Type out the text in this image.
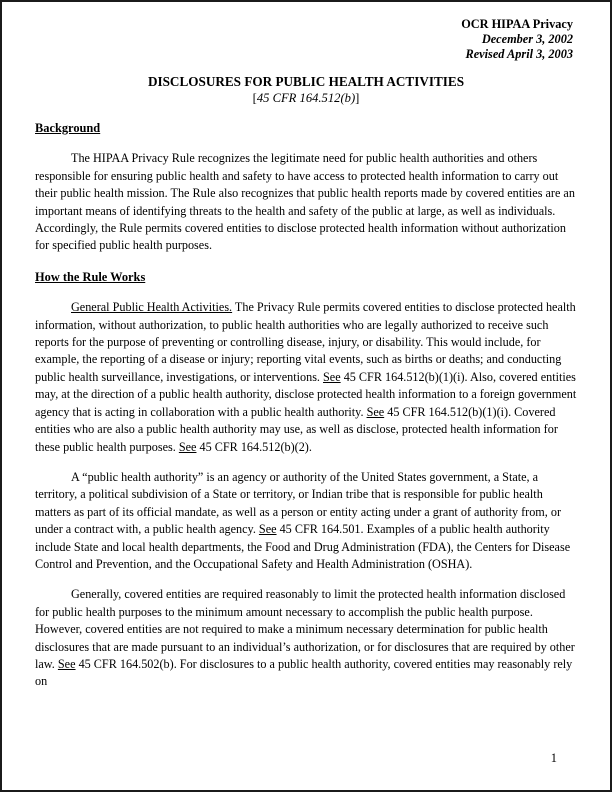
OCR HIPAA Privacy
December 3, 2002
Revised April 3, 2003
DISCLOSURES FOR PUBLIC HEALTH ACTIVITIES
[45 CFR 164.512(b)]
Background

The HIPAA Privacy Rule recognizes the legitimate need for public health authorities and others responsible for ensuring public health and safety to have access to protected health information to carry out their public health mission. The Rule also recognizes that public health reports made by covered entities are an important means of identifying threats to the health and safety of the public at large, as well as individuals. Accordingly, the Rule permits covered entities to disclose protected health information without authorization for specified public health purposes.

How the Rule Works

General Public Health Activities. The Privacy Rule permits covered entities to disclose protected health information, without authorization, to public health authorities who are legally authorized to receive such reports for the purpose of preventing or controlling disease, injury, or disability. This would include, for example, the reporting of a disease or injury; reporting vital events, such as births or deaths; and conducting public health surveillance, investigations, or interventions. See 45 CFR 164.512(b)(1)(i). Also, covered entities may, at the direction of a public health authority, disclose protected health information to a foreign government agency that is acting in collaboration with a public health authority. See 45 CFR 164.512(b)(1)(i). Covered entities who are also a public health authority may use, as well as disclose, protected health information for these public health purposes. See 45 CFR 164.512(b)(2).

A “public health authority” is an agency or authority of the United States government, a State, a territory, a political subdivision of a State or territory, or Indian tribe that is responsible for public health matters as part of its official mandate, as well as a person or entity acting under a grant of authority from, or under a contract with, a public health agency. See 45 CFR 164.501. Examples of a public health authority include State and local health departments, the Food and Drug Administration (FDA), the Centers for Disease Control and Prevention, and the Occupational Safety and Health Administration (OSHA).

Generally, covered entities are required reasonably to limit the protected health information disclosed for public health purposes to the minimum amount necessary to accomplish the public health purpose. However, covered entities are not required to make a minimum necessary determination for public health disclosures that are made pursuant to an individual’s authorization, or for disclosures that are required by other law. See 45 CFR 164.502(b). For disclosures to a public health authority, covered entities may reasonably rely on

1
